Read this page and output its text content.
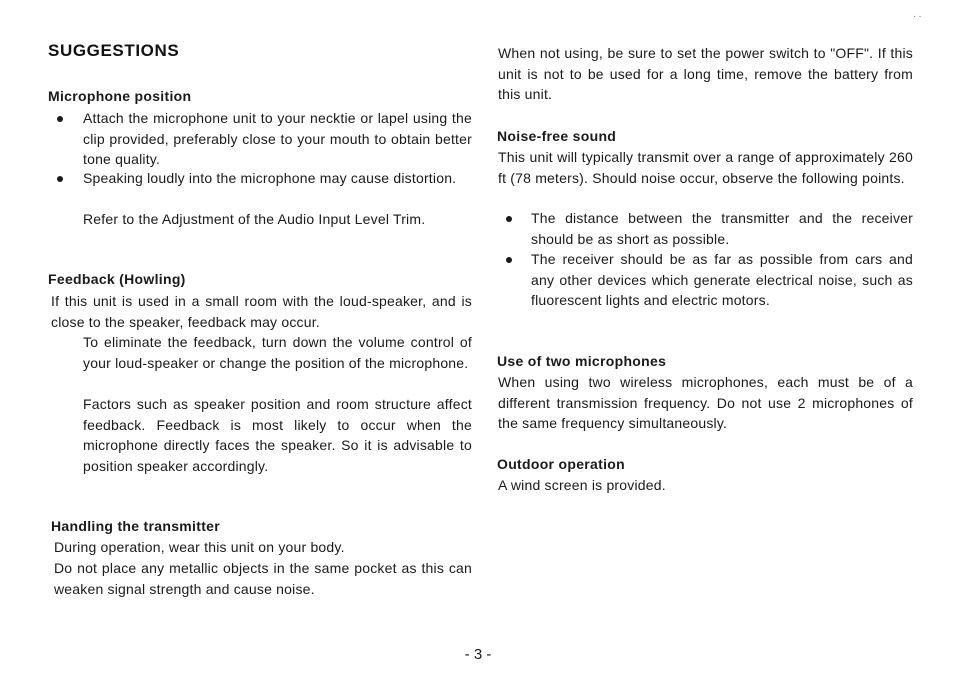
SUGGESTIONS
Microphone position

Attach the microphone unit to your necktie or lapel using the clip provided, preferably close to your mouth to obtain better tone quality.

Speaking loudly into the microphone may cause distortion.

Refer to the Adjustment of the Audio Input Level Trim.

Feedback (Howling)

If this unit is used in a small room with the loud-speaker, and is close to the speaker, feedback may occur.

To eliminate the feedback, turn down the volume control of your loud-speaker or change the position of the microphone.

Factors such as speaker position and room structure affect feedback. Feedback is most likely to occur when the microphone directly faces the speaker. So it is advisable to position speaker accordingly.

Handling the transmitter

During operation, wear this unit on your body.

Do not place any metallic objects in the same pocket as this can weaken signal strength and cause noise.

When not using, be sure to set the power switch to "OFF". If this unit is not to be used for a long time, remove the battery from this unit.

Noise-free sound

This unit will typically transmit over a range of approximately 260 ft (78 meters). Should noise occur, observe the following points.

The distance between the transmitter and the receiver should be as short as possible.

The receiver should be as far as possible from cars and any other devices which generate electrical noise, such as fluorescent lights and electric motors.

Use of two microphones

When using two wireless microphones, each must be of a different transmission frequency. Do not use 2 microphones of the same frequency simultaneously.

Outdoor operation

A wind screen is provided.

- 3 -

··
